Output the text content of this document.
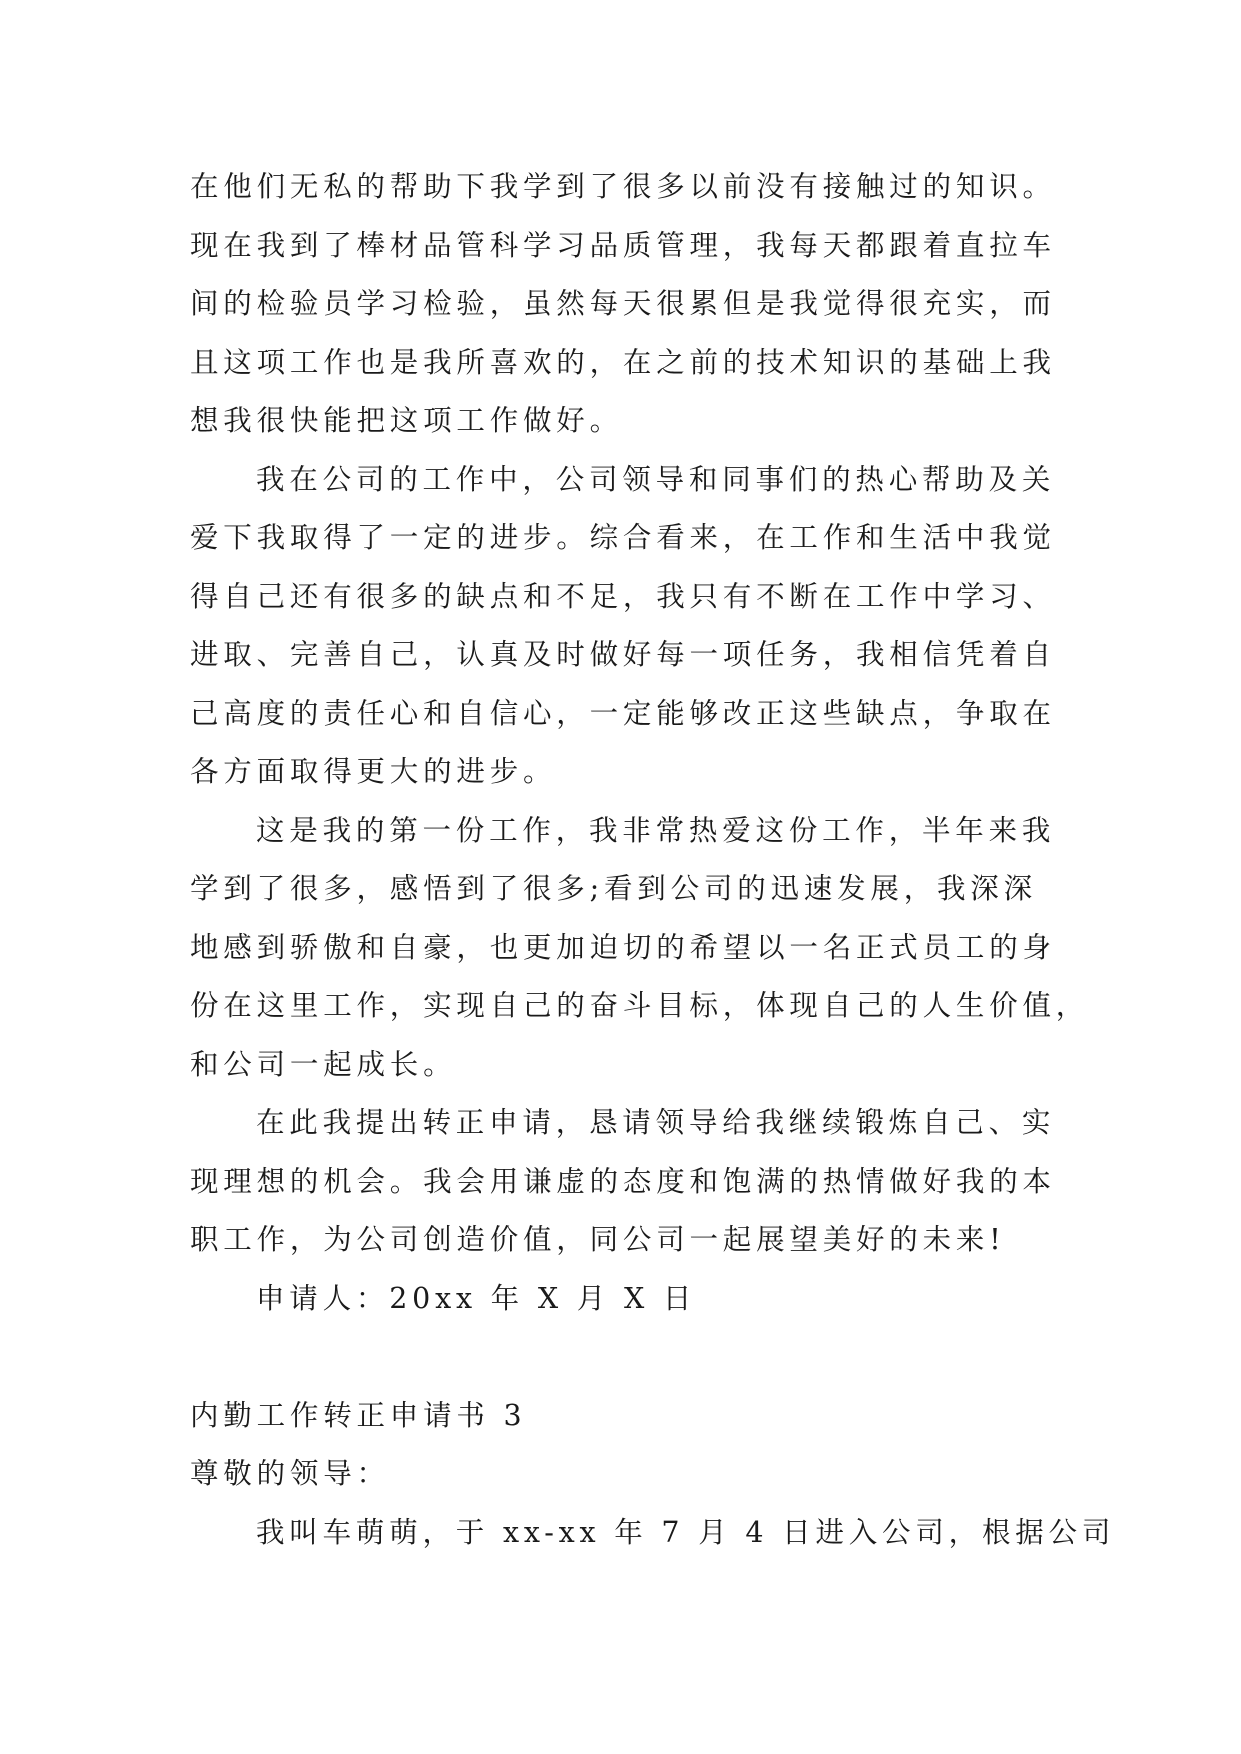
在他们无私的帮助下我学到了很多以前没有接触过的知识。
现在我到了棒材品管科学习品质管理，我每天都跟着直拉车
间的检验员学习检验，虽然每天很累但是我觉得很充实，而
且这项工作也是我所喜欢的，在之前的技术知识的基础上我
想我很快能把这项工作做好。
我在公司的工作中，公司领导和同事们的热心帮助及关
爱下我取得了一定的进步。综合看来，在工作和生活中我觉
得自己还有很多的缺点和不足，我只有不断在工作中学习、
进取、完善自己，认真及时做好每一项任务，我相信凭着自
己高度的责任心和自信心，一定能够改正这些缺点，争取在
各方面取得更大的进步。
这是我的第一份工作，我非常热爱这份工作，半年来我
学到了很多，感悟到了很多;看到公司的迅速发展，我深深
地感到骄傲和自豪，也更加迫切的希望以一名正式员工的身
份在这里工作，实现自己的奋斗目标，体现自己的人生价值，
和公司一起成长。
在此我提出转正申请，恳请领导给我继续锻炼自己、实
现理想的机会。我会用谦虚的态度和饱满的热情做好我的本
职工作，为公司创造价值，同公司一起展望美好的未来!
申请人：20xx 年 X 月 X 日
内勤工作转正申请书 3
尊敬的领导：
我叫车萌萌，于 xx-xx 年 7 月 4 日进入公司，根据公司
